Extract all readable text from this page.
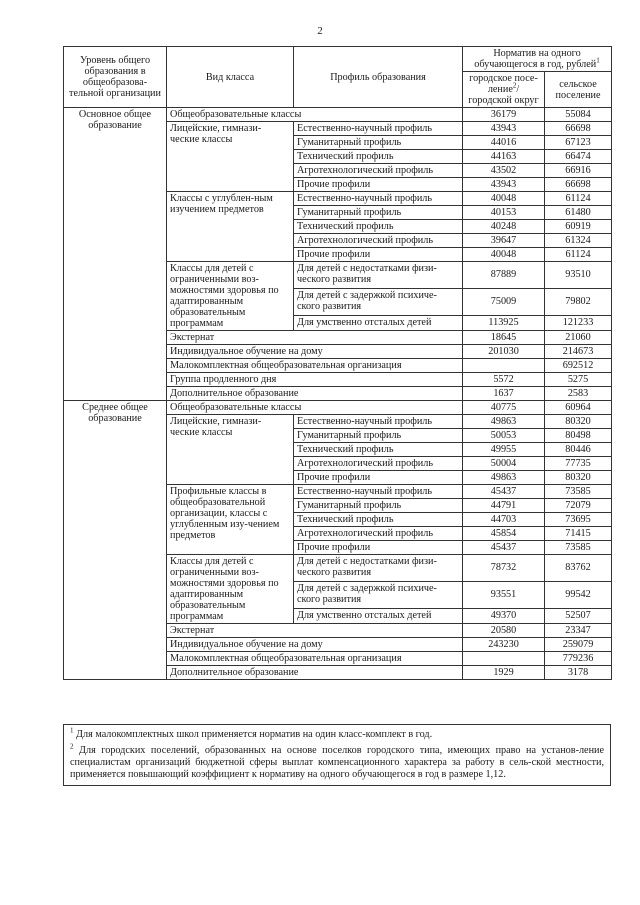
2
Уровень общего образования в общеобразова-тельной организации	Вид класса	Профиль образования	Норматив на одного обучающегося в год, рублей$^1$
			городское посе-ление$^2$/ городской округ	сельское поселение
Основное общее образование	Общеобразовательные классы		36179	55084
	Лицейские, гимнази-ческие классы	Естественно-научный профиль	43943	66698
		Гуманитарный профиль	44016	67123
		Технический профиль	44163	66474
		Агротехнологический профиль	43502	66916
		Прочие профили	43943	66698
	Классы с углублен-ным изучением предметов	Естественно-научный профиль	40048	61124
		Гуманитарный профиль	40153	61480
		Технический профиль	40248	60919
		Агротехнологический профиль	39647	61324
		Прочие профили	40048	61124
	Классы для детей с ограниченными воз-можностями здоровья по адаптированным образовательным программам	Для детей с недостатками физи-ческого развития	87889	93510
		Для детей с задержкой психиче-ского развития	75009	79802
		Для умственно отсталых детей	113925	121233
	Экстернат		18645	21060
	Индивидуальное обучение на дому		201030	214673
	Малокомплектная общеобразовательная организация			692512
	Группа продленного дня		5572	5275
	Дополнительное образование		1637	2583
Среднее общее образование	Общеобразовательные классы		40775	60964
	Лицейские, гимнази-ческие классы	Естественно-научный профиль	49863	80320
		Гуманитарный профиль	50053	80498
		Технический профиль	49955	80446
		Агротехнологический профиль	50004	77735
		Прочие профили	49863	80320
	Профильные классы в общеобразовательной организации, классы с углубленным изу-чением предметов	Естественно-научный профиль	45437	73585
		Гуманитарный профиль	44791	72079
		Технический профиль	44703	73695
		Агротехнологический профиль	45854	71415
		Прочие профили	45437	73585
	Классы для детей с ограниченными воз-можностями здоровья по адаптированным образовательным программам	Для детей с недостатками физи-ческого развития	78732	83762
		Для детей с задержкой психиче-ского развития	93551	99542
		Для умственно отсталых детей	49370	52507
	Экстернат		20580	23347
	Индивидуальное обучение на дому		243230	259079
	Малокомплектная общеобразовательная организация			779236
	Дополнительное образование		1929	3178

$^1$ Для малокомплектных школ применяется норматив на один класс-комплект в год.

$^2$ Для городских поселений, образованных на основе поселков городского типа, имеющих право на установ-ление специалистам организаций бюджетной сферы выплат компенсационного характера за работу в сель-ской местности, применяется повышающий коэффициент к нормативу на одного обучающегося в год в размере 1,12.
